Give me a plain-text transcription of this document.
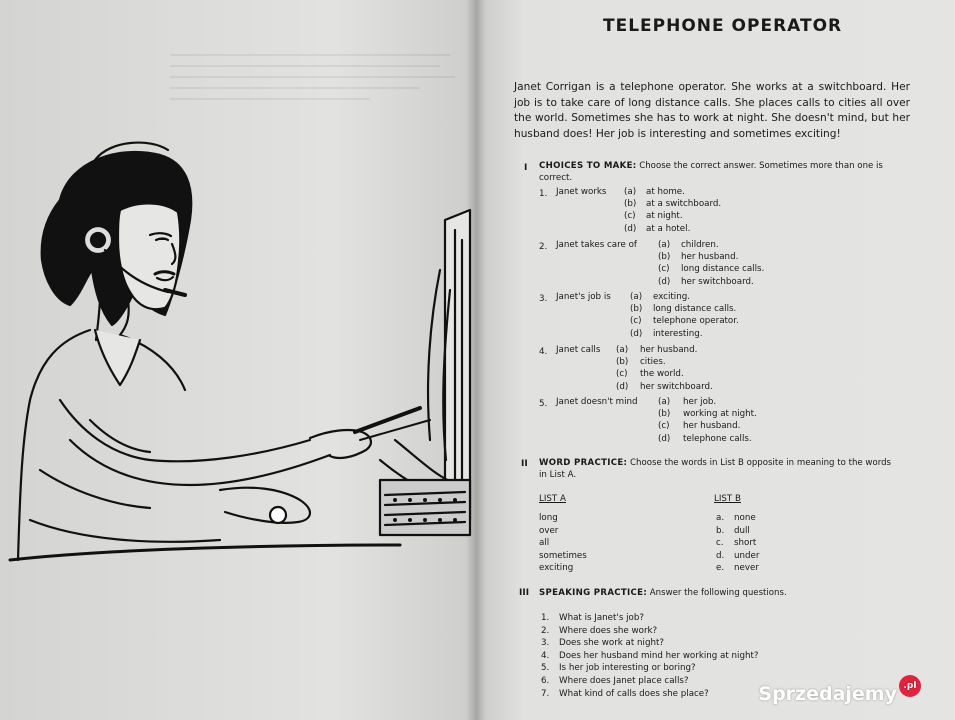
TELEPHONE OPERATOR
Janet Corrigan is a telephone operator. She works at a switchboard. Her job is to take care of long distance calls. She places calls to cities all over the world. Sometimes she has to work at night. She doesn't mind, but her husband does! Her job is interesting and sometimes exciting!
I CHOICES TO MAKE: Choose the correct answer. Sometimes more than one is
correct.
1. Janet works (a) at home.
(b) at a switchboard.
(c) at night.
(d) at a hotel.
2. Janet takes care of (a) children.
(b) her husband.
(c) long distance calls.
(d) her switchboard.
3. Janet's job is (a) exciting.
(b) long distance calls.
(c) telephone operator.
(d) interesting.
4. Janet calls (a) her husband.
(b) cities.
(c) the world.
(d) her switchboard.
5. Janet doesn't mind (a) her job.
(b) working at night.
(c) her husband.
(d) telephone calls.
II WORD PRACTICE: Choose the words in List B opposite in meaning to the words
in List A.
LIST A	LIST B
long	a. none
over	b. dull
all	c. short
sometimes	d. under
exciting	e. never
III SPEAKING PRACTICE: Answer the following questions.
1. What is Janet's job?
2. Where does she work?
3. Does she work at night?
4. Does her husband mind her working at night?
5. Is her job interesting or boring?
6. Where does Janet place calls?
7. What kind of calls does she place?	Sprzedajemy .pl
